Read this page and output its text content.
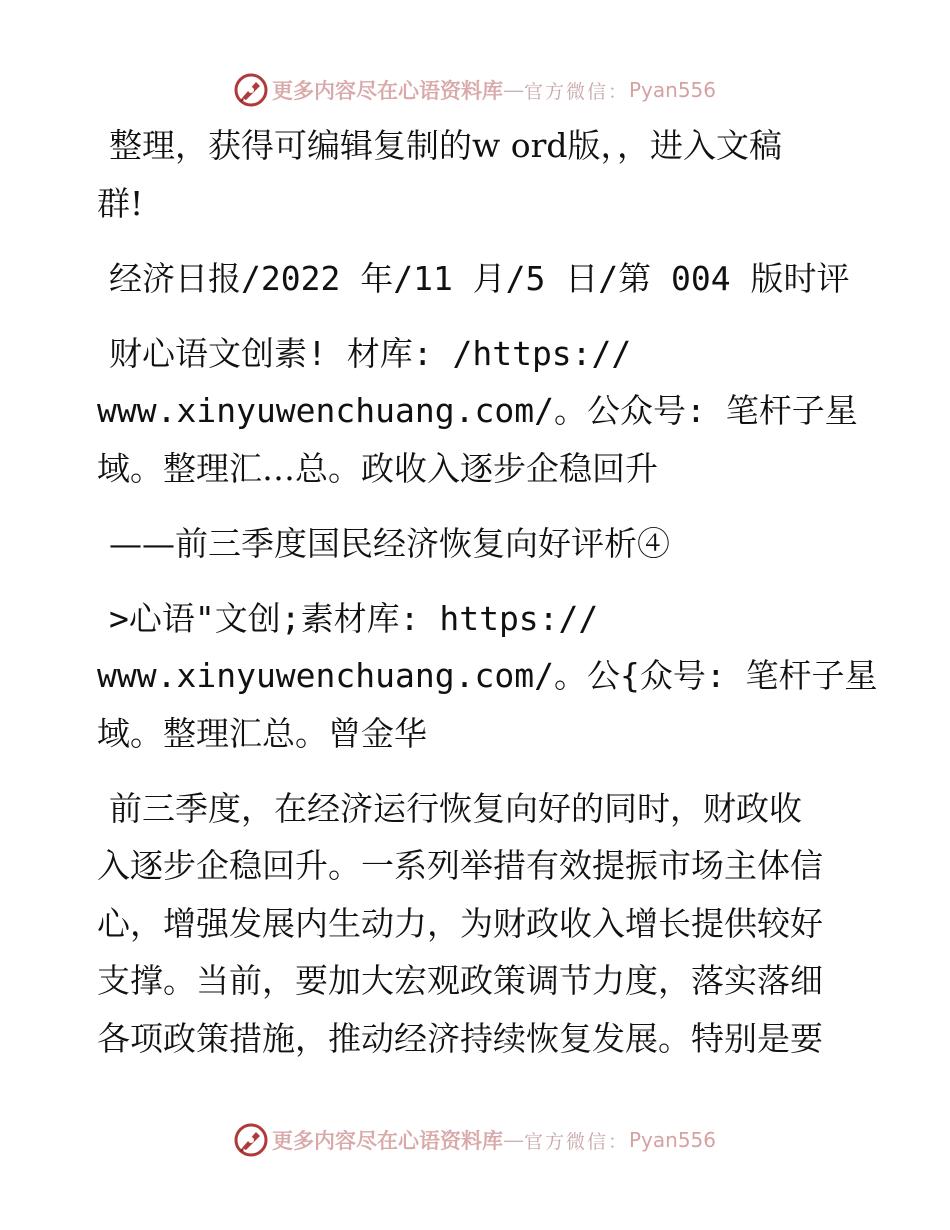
更多内容尽在心语资料库 — 官方微信： Pyan556
整理，获得可编辑复制的w ord版，，进入文稿
群!
经济日报/2022 年/11 月/5 日/第 004 版时评
财心语文创素! 材库: /https://
www.xinyuwenchuang.com/。公众号: 笔杆子星
域。整理汇…总。政收入逐步企稳回升
——前三季度国民经济恢复向好评析④
>心语"文创;素材库: https://
www.xinyuwenchuang.com/。公{众号: 笔杆子星
域。整理汇总。曾金华
前三季度，在经济运行恢复向好的同时，财政收
入逐步企稳回升。一系列举措有效提振市场主体信
心，增强发展内生动力，为财政收入增长提供较好
支撑。当前，要加大宏观政策调节力度，落实落细
各项政策措施，推动经济持续恢复发展。特别是要
更多内容尽在心语资料库 — 官方微信： Pyan556
